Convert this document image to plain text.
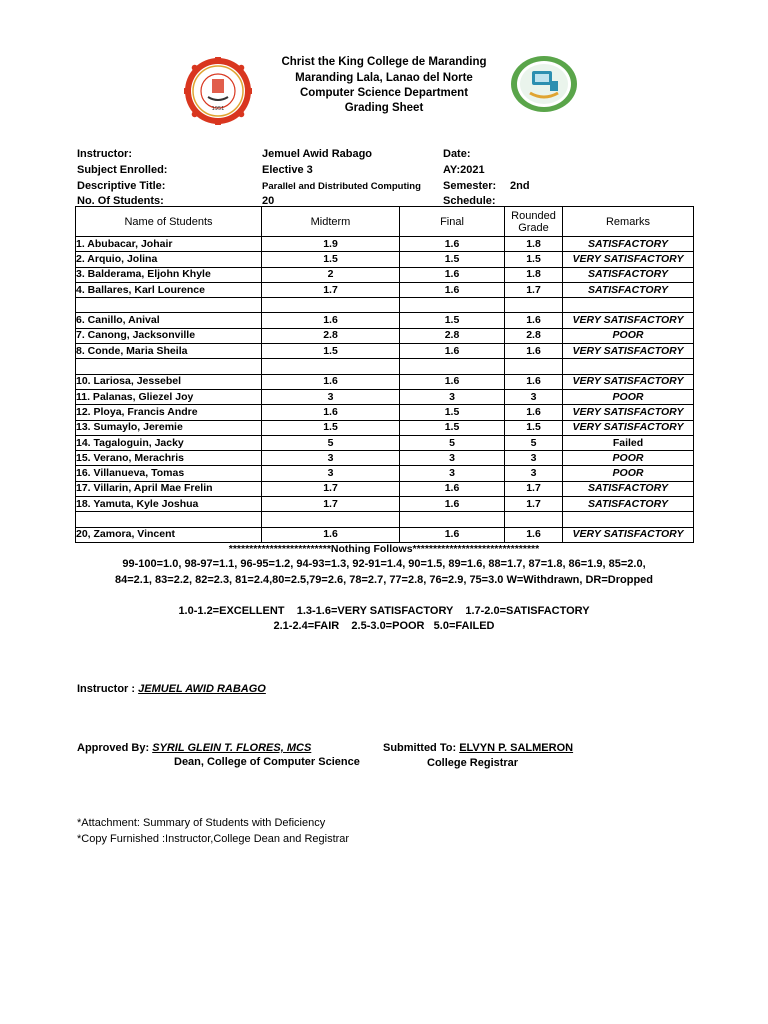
1951
Christ the King College de Maranding
Maranding Lala, Lanao del Norte
Computer Science Department
Grading Sheet
Instructor:	Jemuel Awid Rabago	Date:
Subject Enrolled:	Elective 3	AY:2021
Descriptive Title:	Parallel and Distributed Computing	Semester: 2nd
No. Of Students:	20	Schedule:
Name of Students	Midterm	Final	Rounded Grade	Remarks
1. Abubacar, Johair	1.9	1.6	1.8	SATISFACTORY
2. Arquio, Jolina	1.5	1.5	1.5	VERY SATISFACTORY
3. Balderama, Eljohn Khyle	2	1.6	1.8	SATISFACTORY
4. Ballares, Karl Lourence	1.7	1.6	1.7	SATISFACTORY

6. Canillo, Anival	1.6	1.5	1.6	VERY SATISFACTORY
7. Canong, Jacksonville	2.8	2.8	2.8	POOR
8. Conde, Maria Sheila	1.5	1.6	1.6	VERY SATISFACTORY

10. Lariosa, Jessebel	1.6	1.6	1.6	VERY SATISFACTORY
11. Palanas, Gliezel Joy	3	3	3	POOR
12. Ploya, Francis Andre	1.6	1.5	1.6	VERY SATISFACTORY
13. Sumaylo, Jeremie	1.5	1.5	1.5	VERY SATISFACTORY
14. Tagaloguin, Jacky	5	5	5	Failed
15. Verano, Merachris	3	3	3	POOR
16. Villanueva, Tomas	3	3	3	POOR
17. Villarin, April Mae Frelin	1.7	1.6	1.7	SATISFACTORY
18. Yamuta, Kyle Joshua	1.7	1.6	1.7	SATISFACTORY

20, Zamora, Vincent	1.6	1.6	1.6	VERY SATISFACTORY
*************************Nothing Follows*******************************
99-100=1.0, 98-97=1.1, 96-95=1.2, 94-93=1.3, 92-91=1.4, 90=1.5, 89=1.6, 88=1.7, 87=1.8, 86=1.9, 85=2.0,
84=2.1, 83=2.2, 82=2.3, 81=2.4,80=2.5,79=2.6, 78=2.7, 77=2.8, 76=2.9, 75=3.0 W=Withdrawn, DR=Dropped
1.0-1.2=EXCELLENT    1.3-1.6=VERY SATISFACTORY    1.7-2.0=SATISFACTORY
2.1-2.4=FAIR    2.5-3.0=POOR   5.0=FAILED
Instructor : JEMUEL AWID RABAGO
Approved By: SYRIL GLEIN T. FLORES, MCS
Dean, College of Computer Science
Submitted To: ELVYN P. SALMERON
College Registrar
*Attachment: Summary of Students with Deficiency
*Copy Furnished :Instructor,College Dean and Registrar
